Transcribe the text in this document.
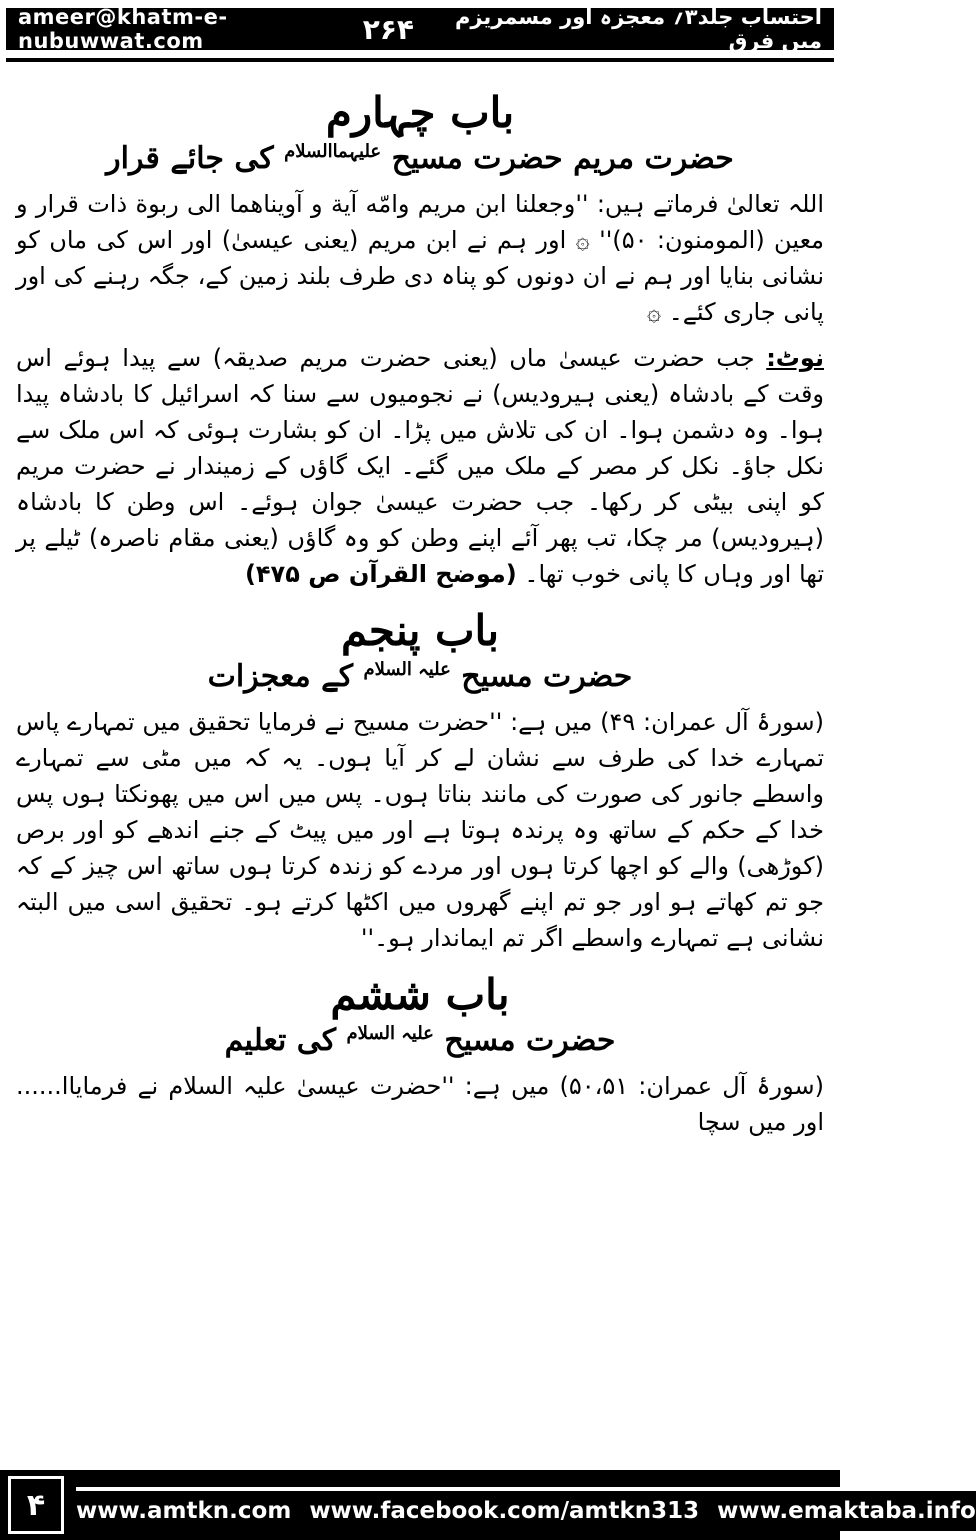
ameer@khatm-e-nubuwwat.com	۲۶۴	احتساب جلد۳؍ معجزہ اور مسمریزم میں فرق
باب چہارم
حضرت مریم حضرت مسیح $^{علیہماالسلام}$ کی جائے قرار

اللہ تعالیٰ فرماتے ہیں: ''وجعلنا ابن مريم وامّه آية و آويناهما الى ربوة ذات قرار و معين (المومنون: ۵۰)'' ۞ اور ہم نے ابن مریم (یعنی عیسیٰ) اور اس کی ماں کو نشانی بنایا اور ہم نے ان دونوں کو پناہ دی طرف بلند زمین کے، جگہ رہنے کی اور پانی جاری کئے۔ ۞

نوٹ: جب حضرت عیسیٰ ماں (یعنی حضرت مریم صدیقہ) سے پیدا ہوئے اس وقت کے بادشاہ (یعنی ہیرودیس) نے نجومیوں سے سنا کہ اسرائیل کا بادشاہ پیدا ہوا۔ وہ دشمن ہوا۔ ان کی تلاش میں پڑا۔ ان کو بشارت ہوئی کہ اس ملک سے نکل جاؤ۔ نکل کر مصر کے ملک میں گئے۔ ایک گاؤں کے زمیندار نے حضرت مریم کو اپنی بیٹی کر رکھا۔ جب حضرت عیسیٰ جوان ہوئے۔ اس وطن کا بادشاہ (ہیرودیس) مر چکا، تب پھر آئے اپنے وطن کو وہ گاؤں (یعنی مقام ناصرہ) ٹیلے پر تھا اور وہاں کا پانی خوب تھا۔ (موضح القرآن ص ۴۷۵)

باب پنجم
حضرت مسیح $^{علیہ السلام}$ کے معجزات

(سورۂ آل عمران: ۴۹) میں ہے: ''حضرت مسیح نے فرمایا تحقیق میں تمہارے پاس تمہارے خدا کی طرف سے نشان لے کر آیا ہوں۔ یہ کہ میں مٹی سے تمہارے واسطے جانور کی صورت کی مانند بناتا ہوں۔ پس میں اس میں پھونکتا ہوں پس خدا کے حکم کے ساتھ وہ پرندہ ہوتا ہے اور میں پیٹ کے جنے اندھے کو اور برص (کوڑھی) والے کو اچھا کرتا ہوں اور مردے کو زندہ کرتا ہوں ساتھ اس چیز کے کہ جو تم کھاتے ہو اور جو تم اپنے گھروں میں اکٹھا کرتے ہو۔ تحقیق اسی میں البتہ نشانی ہے تمہارے واسطے اگر تم ایماندار ہو۔''

باب ششم
حضرت مسیح $^{علیہ السلام}$ کی تعلیم

ا...... (سورۂ آل عمران: ۵۰،۵۱) میں ہے: ''حضرت عیسیٰ علیہ السلام نے فرمایا اور میں سچا

۴ www.amtkn.com www.facebook.com/amtkn313 www.emaktaba.info
